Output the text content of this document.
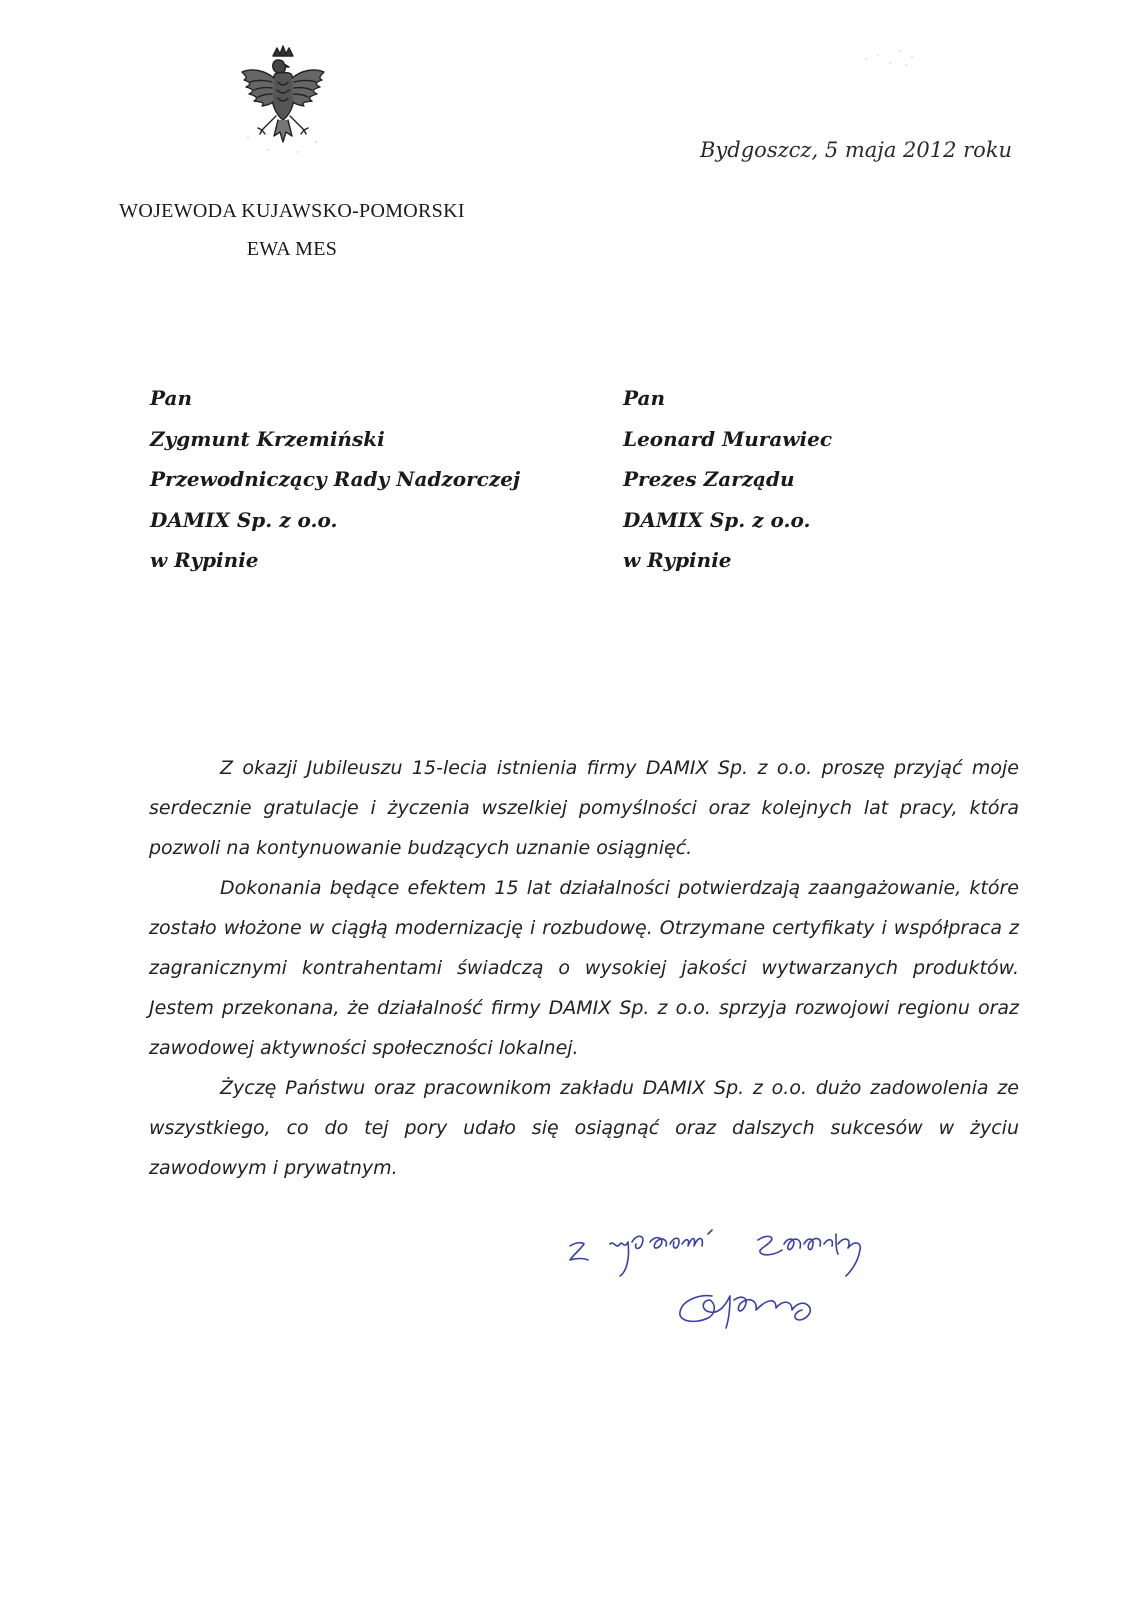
Bydgoszcz, 5 maja 2012 roku
WOJEWODA KUJAWSKO-POMORSKI
EWA MES
Pan
Zygmunt Krzemiński
Przewodniczący Rady Nadzorczej
DAMIX Sp. z o.o.
w Rypinie
Pan
Leonard Murawiec
Prezes Zarządu
DAMIX Sp. z o.o.
w Rypinie

Z okazji Jubileuszu 15-lecia istnienia firmy DAMIX Sp. z o.o. proszę przyjąć moje serdecznie gratulacje i życzenia wszelkiej pomyślności oraz kolejnych lat pracy, która pozwoli na kontynuowanie budzących uznanie osiągnięć.

Dokonania będące efektem 15 lat działalności potwierdzają zaangażowanie, które zostało włożone w ciągłą modernizację i rozbudowę. Otrzymane certyfikaty i współpraca z zagranicznymi kontrahentami świadczą o wysokiej jakości wytwarzanych produktów. Jestem przekonana, że działalność firmy DAMIX Sp. z o.o. sprzyja rozwojowi regionu oraz zawodowej aktywności społeczności lokalnej.

Życzę Państwu oraz pracownikom zakładu DAMIX Sp. z o.o. dużo zadowolenia ze wszystkiego, co do tej pory udało się osiągnąć oraz dalszych sukcesów w życiu zawodowym i prywatnym.
